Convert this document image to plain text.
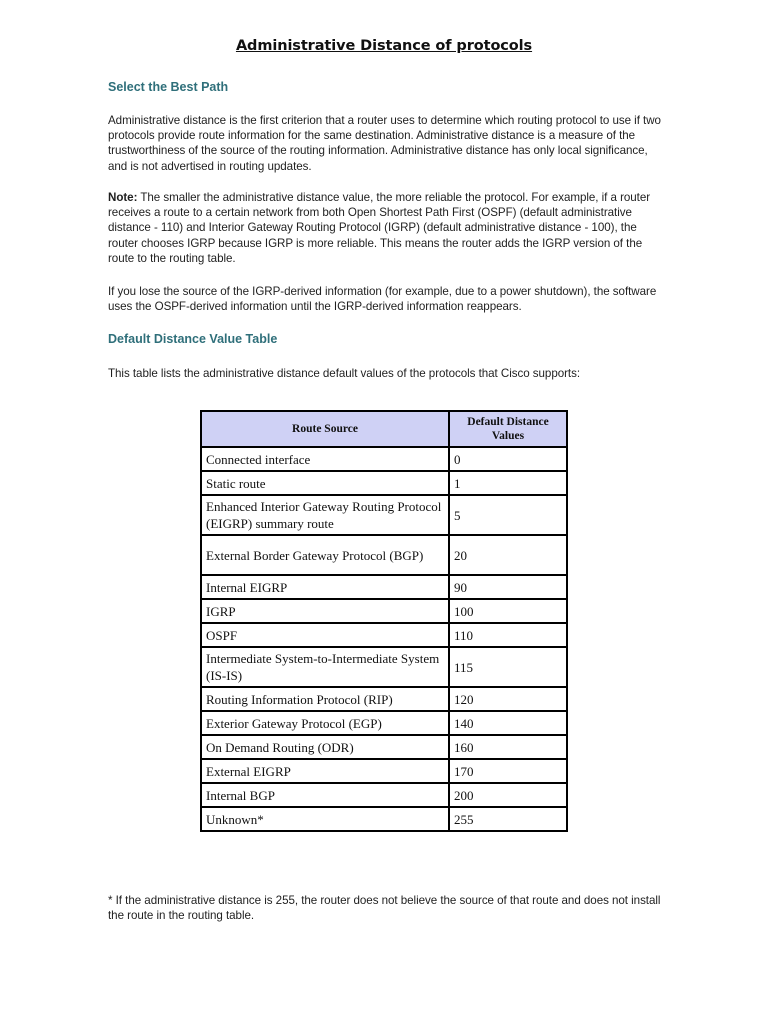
Administrative Distance of protocols
Select the Best Path
Administrative distance is the first criterion that a router uses to determine which routing protocol to use if two protocols provide route information for the same destination. Administrative distance is a measure of the trustworthiness of the source of the routing information. Administrative distance has only local significance, and is not advertised in routing updates.
Note: The smaller the administrative distance value, the more reliable the protocol. For example, if a router receives a route to a certain network from both Open Shortest Path First (OSPF) (default administrative distance - 110) and Interior Gateway Routing Protocol (IGRP) (default administrative distance - 100), the router chooses IGRP because IGRP is more reliable. This means the router adds the IGRP version of the route to the routing table.
If you lose the source of the IGRP-derived information (for example, due to a power shutdown), the software uses the OSPF-derived information until the IGRP-derived information reappears.
Default Distance Value Table
This table lists the administrative distance default values of the protocols that Cisco supports:
Route Source	Default Distance Values
Connected interface	0
Static route	1
Enhanced Interior Gateway Routing Protocol (EIGRP) summary route	5
External Border Gateway Protocol (BGP)	20
Internal EIGRP	90
IGRP	100
OSPF	110
Intermediate System-to-Intermediate System (IS-IS)	115
Routing Information Protocol (RIP)	120
Exterior Gateway Protocol (EGP)	140
On Demand Routing (ODR)	160
External EIGRP	170
Internal BGP	200
Unknown*	255
* If the administrative distance is 255, the router does not believe the source of that route and does not install the route in the routing table.
